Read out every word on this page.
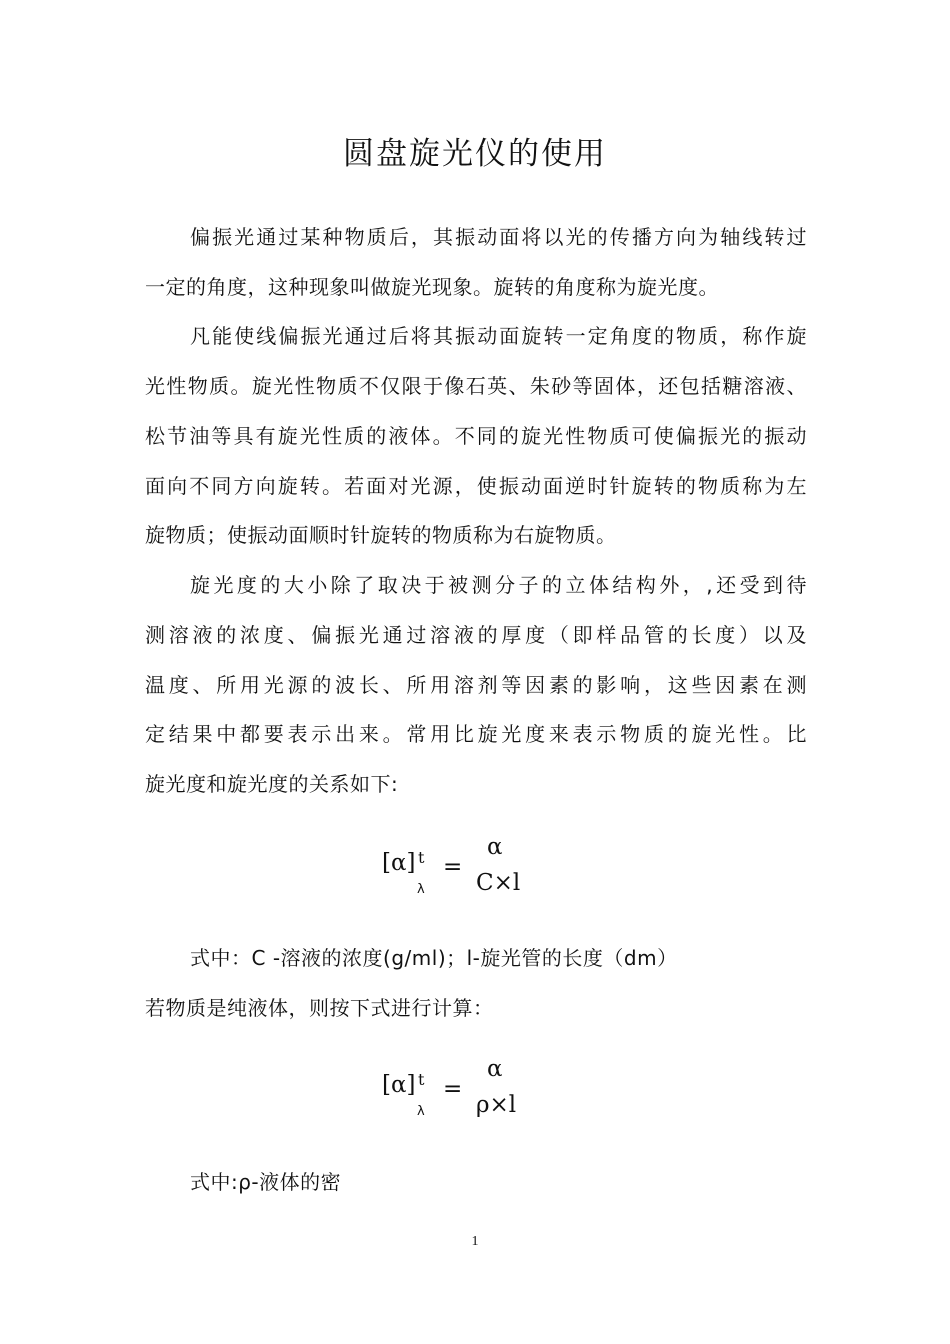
圆盘旋光仪的使用
偏振光通过某种物质后，其振动面将以光的传播方向为轴线转过
一定的角度，这种现象叫做旋光现象。旋转的角度称为旋光度。
凡能使线偏振光通过后将其振动面旋转一定角度的物质，称作旋
光性物质。旋光性物质不仅限于像石英、朱砂等固体，还包括糖溶液、
松节油等具有旋光性质的液体。不同的旋光性物质可使偏振光的振动
面向不同方向旋转。若面对光源，使振动面逆时针旋转的物质称为左
旋物质；使振动面顺时针旋转的物质称为右旋物质。
旋光度的大小除了取决于被测分子的立体结构外，,还受到待
测溶液的浓度、偏振光通过溶液的厚度（即样品管的长度）以及
温度、所用光源的波长、所用溶剂等因素的影响，这些因素在测
定结果中都要表示出来。常用比旋光度来表示物质的旋光性。比
旋光度和旋光度的关系如下:
[α] t
λ
=
α
C×l
式中：C -溶液的浓度(g/ml)；l-旋光管的长度（dm）
若物质是纯液体，则按下式进行计算：
[α] t
λ
=
α
ρ×l
式中:ρ-液体的密
1
